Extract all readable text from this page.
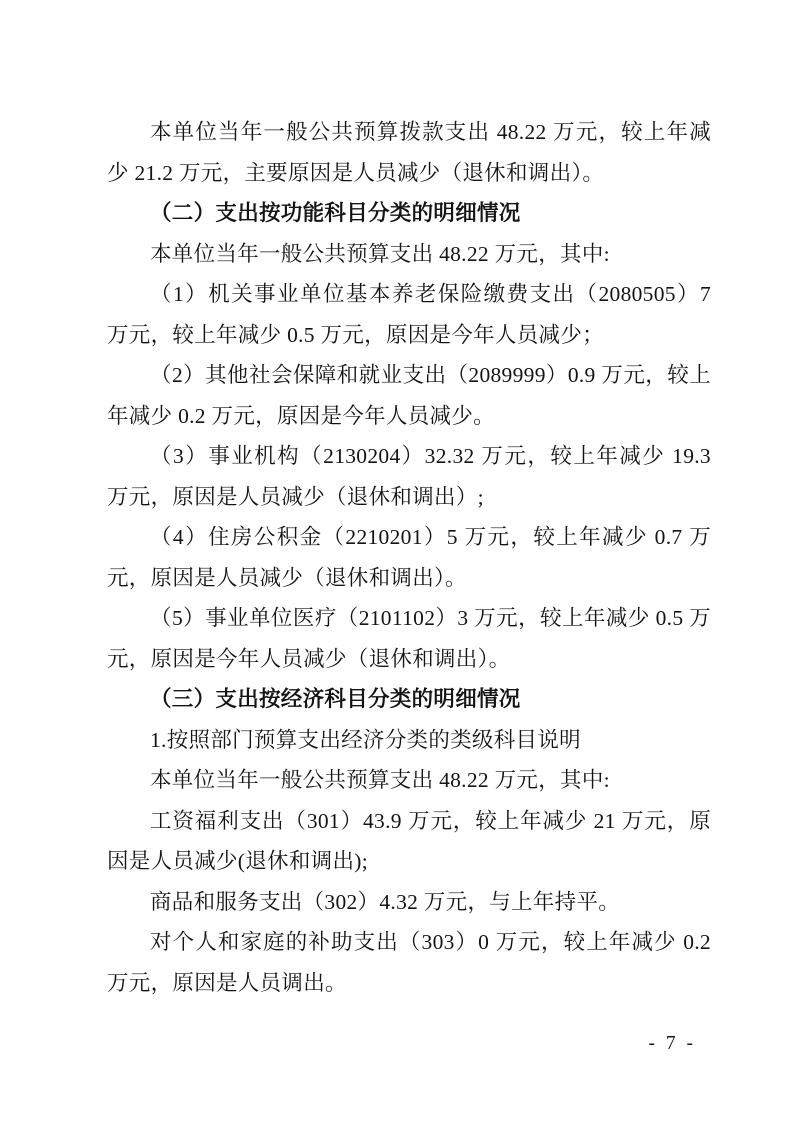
本单位当年一般公共预算拨款支出 48.22 万元，较上年减少 21.2 万元，主要原因是人员减少（退休和调出）。

（二）支出按功能科目分类的明细情况

本单位当年一般公共预算支出 48.22 万元，其中:

（1）机关事业单位基本养老保险缴费支出（2080505）7 万元，较上年减少 0.5 万元，原因是今年人员减少；

（2）其他社会保障和就业支出（2089999）0.9 万元，较上年减少 0.2 万元，原因是今年人员减少。

（3）事业机构（2130204）32.32 万元，较上年减少 19.3 万元，原因是人员减少（退休和调出）;

（4）住房公积金（2210201）5 万元，较上年减少 0.7 万元，原因是人员减少（退休和调出）。

（5）事业单位医疗（2101102）3 万元，较上年减少 0.5 万元，原因是今年人员减少（退休和调出）。

（三）支出按经济科目分类的明细情况

1.按照部门预算支出经济分类的类级科目说明

本单位当年一般公共预算支出 48.22 万元，其中:

工资福利支出（301）43.9 万元，较上年减少 21 万元，原因是人员减少(退休和调出);

商品和服务支出（302）4.32 万元，与上年持平。

对个人和家庭的补助支出（303）0 万元，较上年减少 0.2 万元，原因是人员调出。

- 7 -
